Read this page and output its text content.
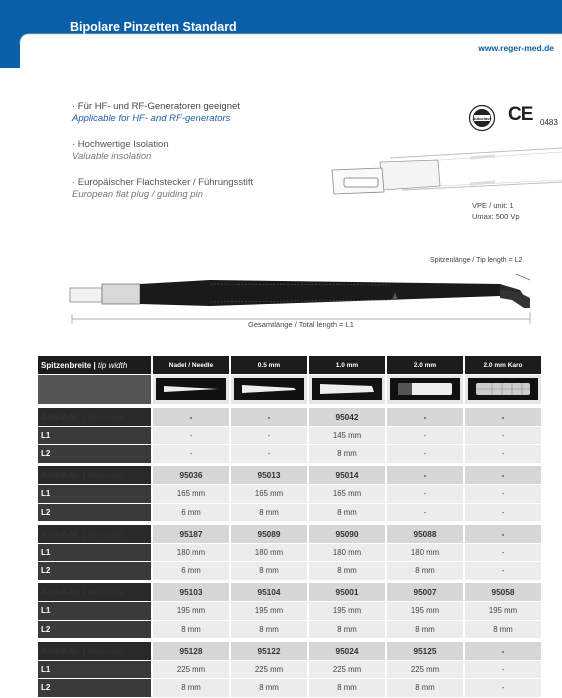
Bipolare Pinzetten Standard
Bipolar forceps standard	www.reger-med.de
· Für HF- und RF-Generatoren geeignet
Applicable for HF- and RF-generators
· Hochwertige Isolation
Valuable insolation
· Europäischer Flachstecker / Führungsstift
European flat plug / guiding pin
Autoclave CE 0483
VPE / unit: 1
Umax: 500 Vp
Spitzenlänge / Tip length = L2
Gesamtlänge / Total length = L1
Spitzenbreite | tip width	Nadel / Needle	0.5 mm	1.0 mm	2.0 mm	2.0 mm Karo

Artikel-Nr. | item code	-	-	95042	-	-
L1	-	-	145 mm	-	-
L2	-	-	8 mm	-	-

Artikel-Nr. | item code	95036	95013	95014	-	-
L1	165 mm	165 mm	165 mm	-	-
L2	6 mm	8 mm	8 mm	-	-

Artikel-Nr. | item code	95187	95089	95090	95088	-
L1	180 mm	180 mm	180 mm	180 mm	-
L2	6 mm	8 mm	8 mm	8 mm	-

Artikel-Nr. | item code	95103	95104	95001	95007	95058
L1	195 mm	195 mm	195 mm	195 mm	195 mm
L2	8 mm	8 mm	8 mm	8 mm	8 mm

Artikel-Nr. | item code	95128	95122	95024	95125	-
L1	225 mm	225 mm	225 mm	225 mm	-
L2	8 mm	8 mm	8 mm	8 mm	-
